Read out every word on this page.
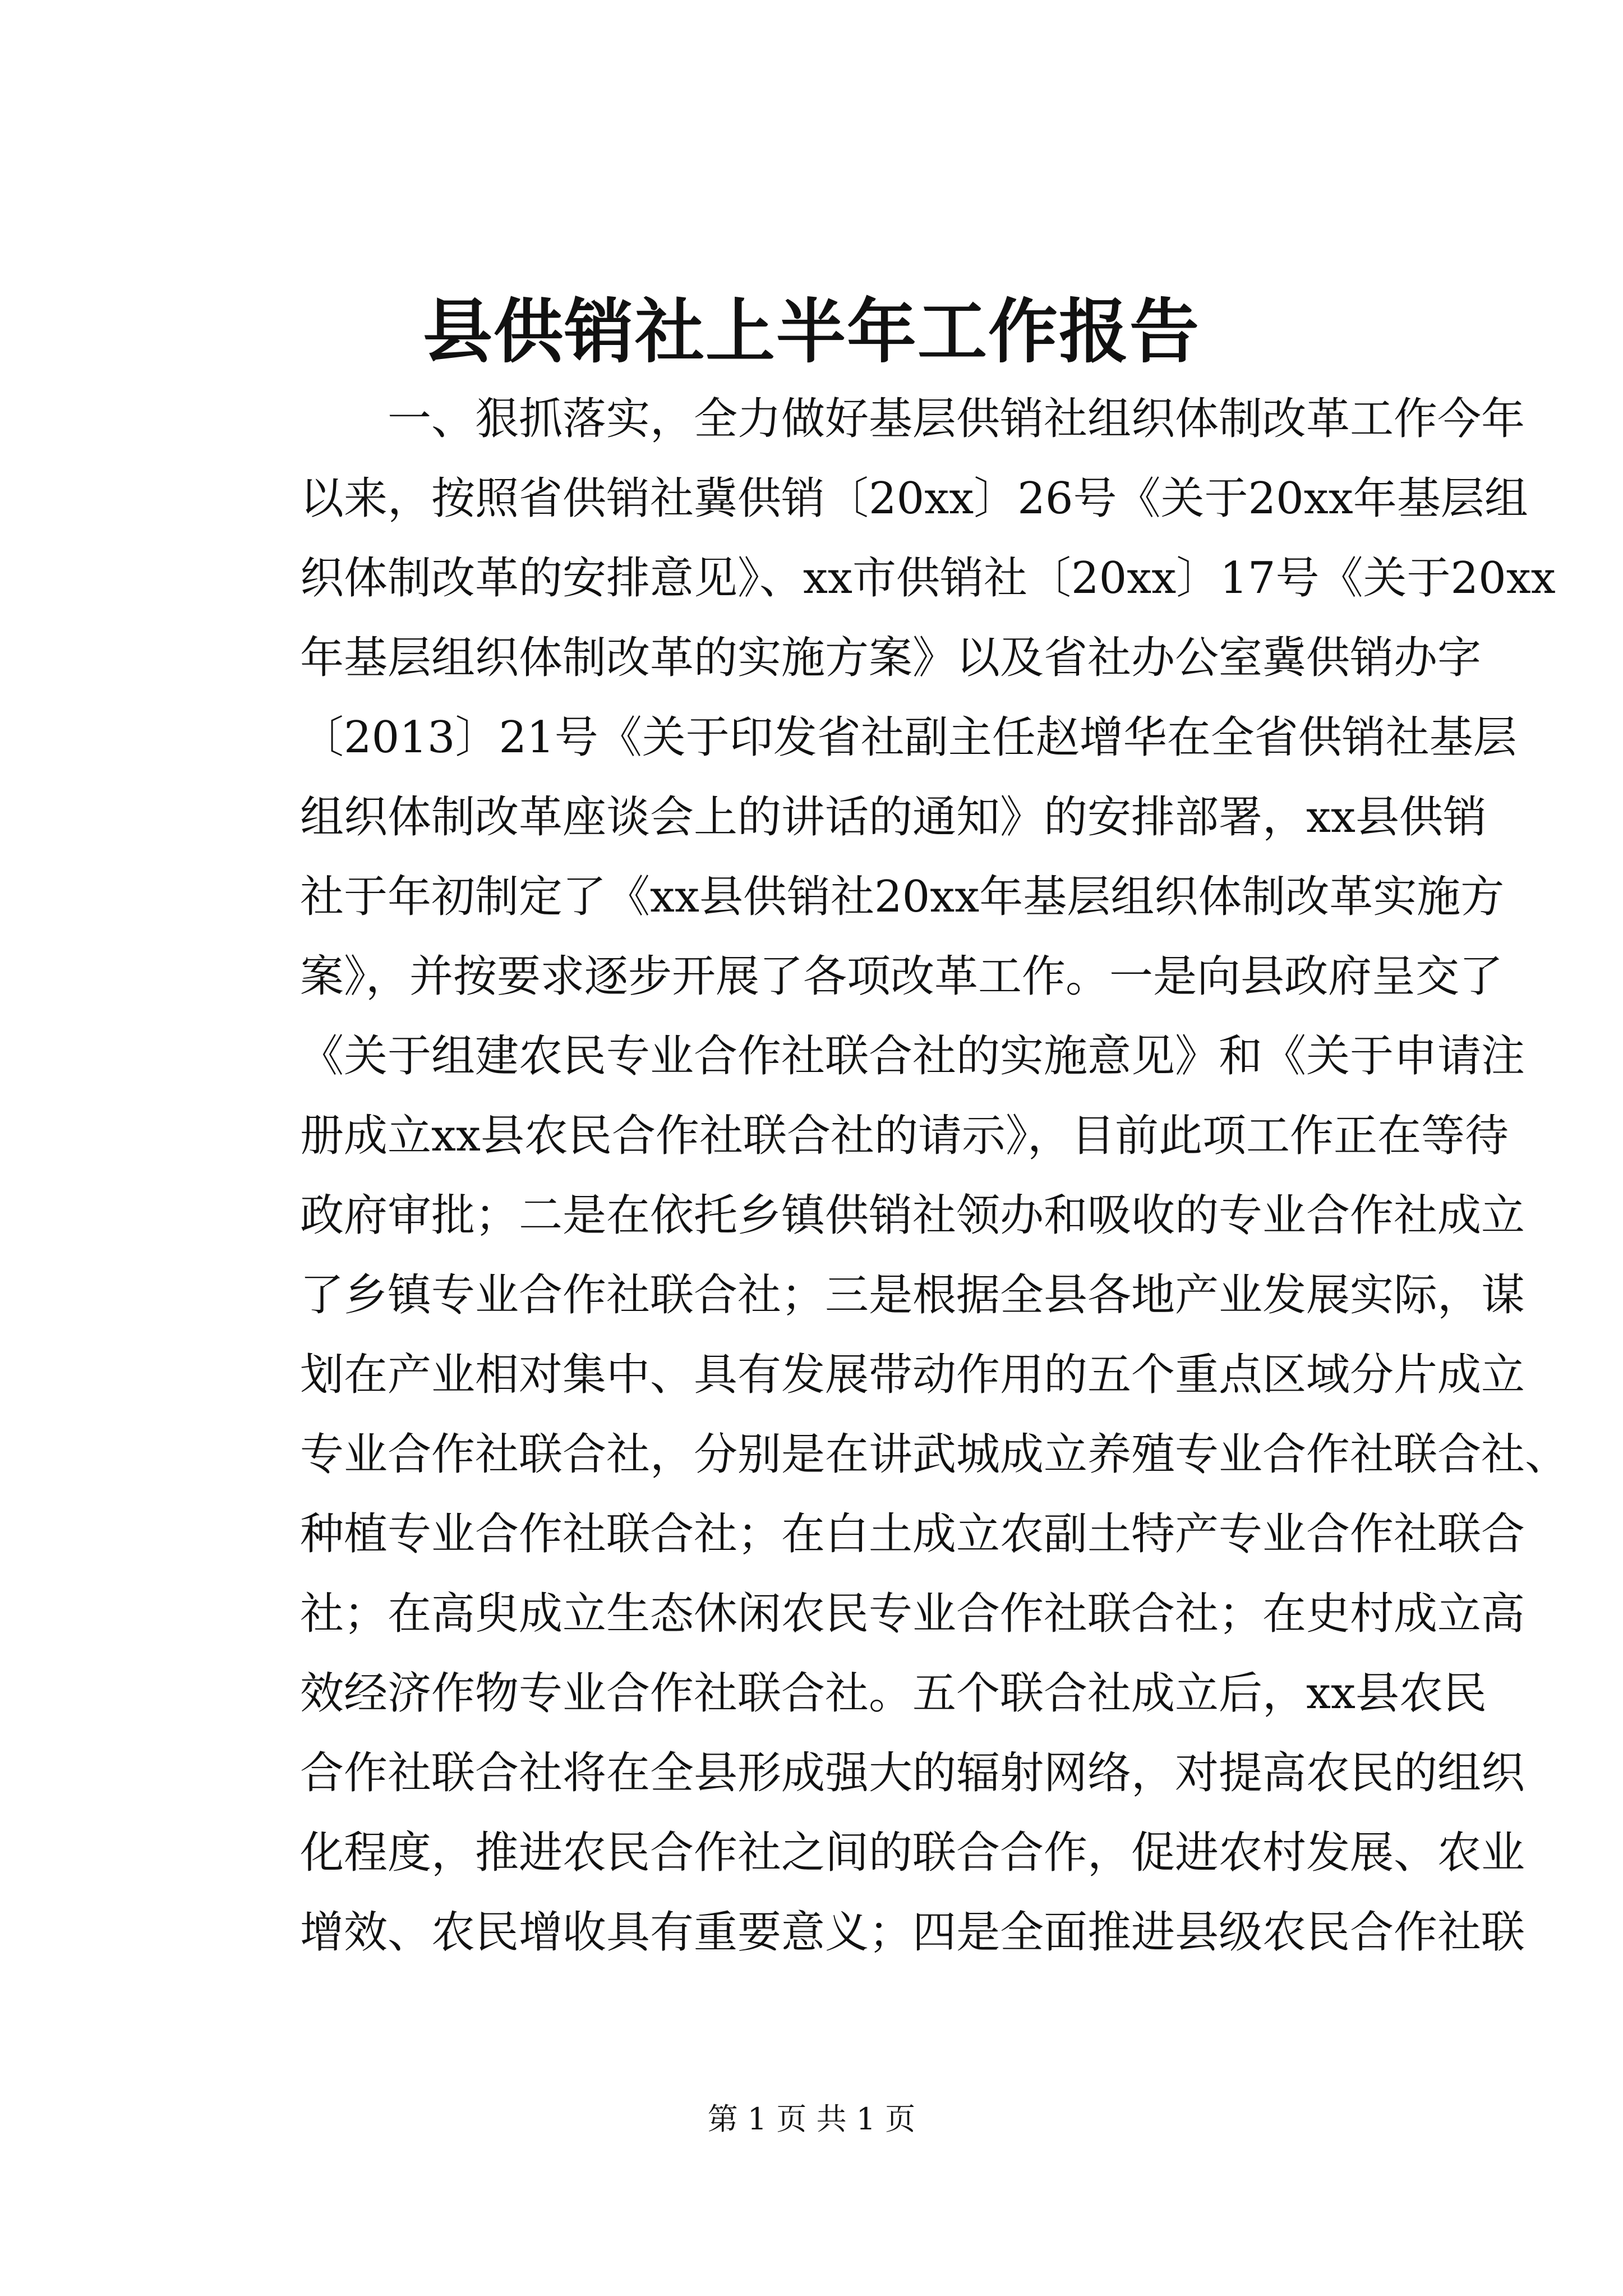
县供销社上半年工作报告
一、狠抓落实，全力做好基层供销社组织体制改革工作今年
以来，按照省供销社冀供销〔20xx〕26号《关于20xx年基层组
织体制改革的安排意见》、xx市供销社〔20xx〕17号《关于20xx
年基层组织体制改革的实施方案》以及省社办公室冀供销办字
〔2013〕21号《关于印发省社副主任赵增华在全省供销社基层
组织体制改革座谈会上的讲话的通知》的安排部署，xx县供销
社于年初制定了《xx县供销社20xx年基层组织体制改革实施方
案》，并按要求逐步开展了各项改革工作。一是向县政府呈交了
《关于组建农民专业合作社联合社的实施意见》和《关于申请注
册成立xx县农民合作社联合社的请示》，目前此项工作正在等待
政府审批；二是在依托乡镇供销社领办和吸收的专业合作社成立
了乡镇专业合作社联合社；三是根据全县各地产业发展实际，谋
划在产业相对集中、具有发展带动作用的五个重点区域分片成立
专业合作社联合社，分别是在讲武城成立养殖专业合作社联合社、
种植专业合作社联合社；在白土成立农副土特产专业合作社联合
社；在高臾成立生态休闲农民专业合作社联合社；在史村成立高
效经济作物专业合作社联合社。五个联合社成立后，xx县农民
合作社联合社将在全县形成强大的辐射网络，对提高农民的组织
化程度，推进农民合作社之间的联合合作，促进农村发展、农业
增效、农民增收具有重要意义；四是全面推进县级农民合作社联
第 1 页 共 1 页
